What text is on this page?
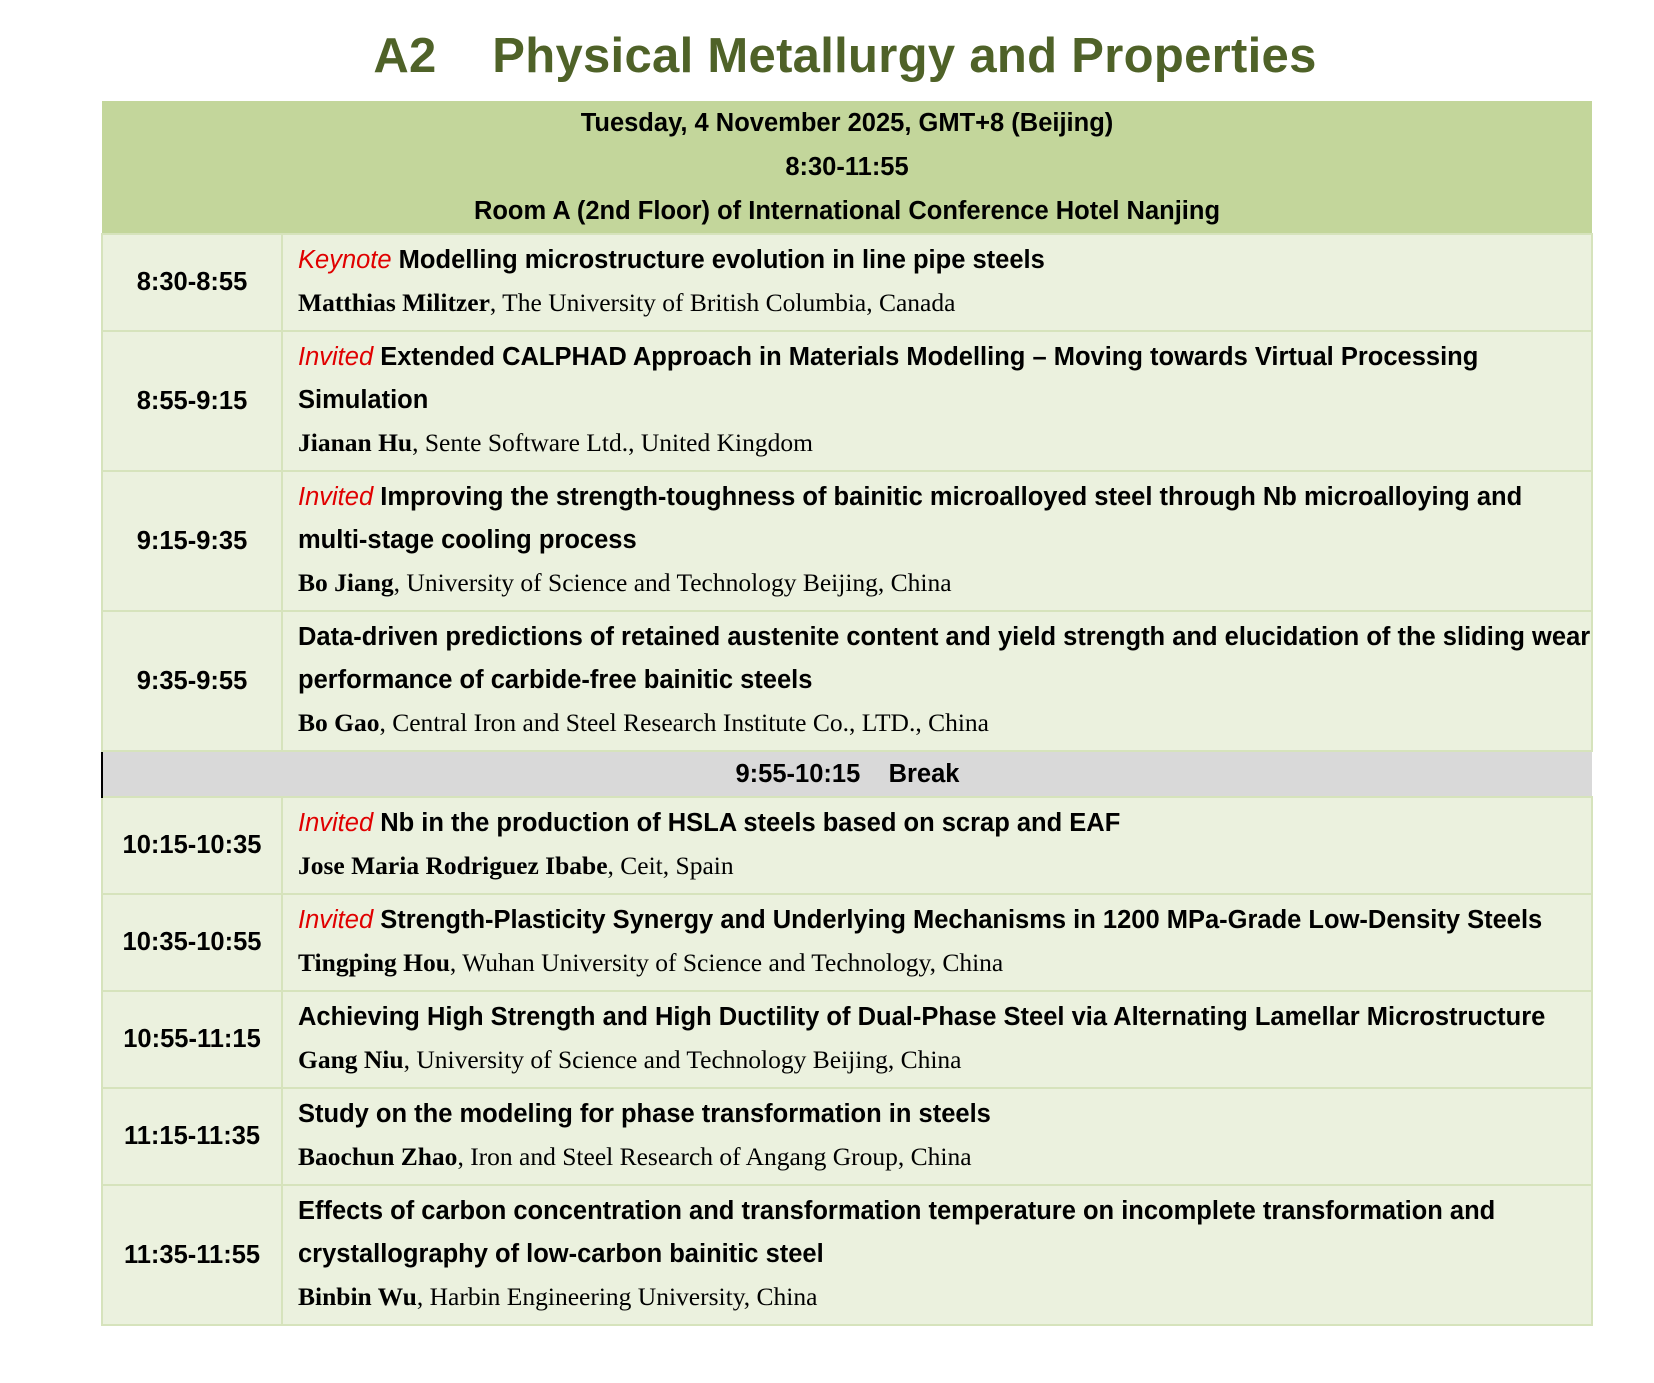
A2    Physical Metallurgy and Properties
Tuesday, 4 November 2025, GMT+8 (Beijing)
8:30-11:55
Room A (2nd Floor) of International Conference Hotel Nanjing	

8:30-8:55	Keynote Modelling microstructure evolution in line pipe steels
Matthias Militzer, The University of British Columbia, Canada

8:55-9:15	Invited Extended CALPHAD Approach in Materials Modelling – Moving towards Virtual Processing Simulation
Jianan Hu, Sente Software Ltd., United Kingdom

9:15-9:35	Invited Improving the strength-toughness of bainitic microalloyed steel through Nb microalloying and multi-stage cooling process
Bo Jiang, University of Science and Technology Beijing, China

9:35-9:55	Data-driven predictions of retained austenite content and yield strength and elucidation of the sliding wear performance of carbide-free bainitic steels
Bo Gao, Central Iron and Steel Research Institute Co., LTD., China

9:55-10:15    Break	
10:15-10:35	Invited Nb in the production of HSLA steels based on scrap and EAF
Jose Maria Rodriguez Ibabe, Ceit, Spain

10:35-10:55	Invited Strength-Plasticity Synergy and Underlying Mechanisms in 1200 MPa-Grade Low-Density Steels
Tingping Hou, Wuhan University of Science and Technology, China

10:55-11:15	Achieving High Strength and High Ductility of Dual-Phase Steel via Alternating Lamellar Microstructure
Gang Niu, University of Science and Technology Beijing, China

11:15-11:35	Study on the modeling for phase transformation in steels
Baochun Zhao, Iron and Steel Research of Angang Group, China

11:35-11:55	Effects of carbon concentration and transformation temperature on incomplete transformation and crystallography of low-carbon bainitic steel
Binbin Wu, Harbin Engineering University, China
